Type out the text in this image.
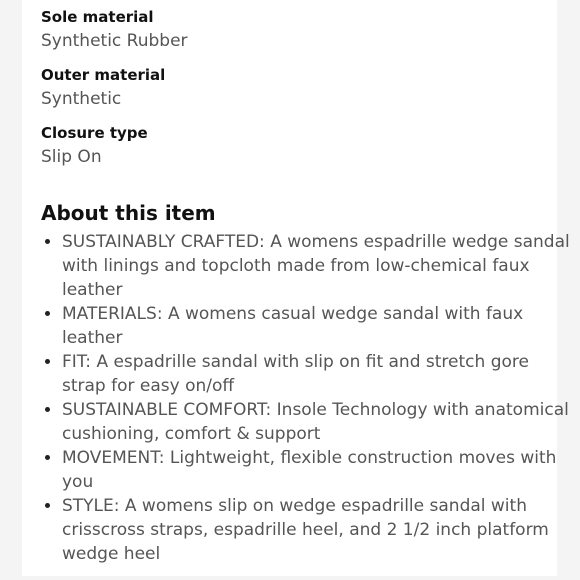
Sole material
Synthetic Rubber
Outer material
Synthetic
Closure type
Slip On
About this item
• SUSTAINABLY CRAFTED: A womens espadrille wedge sandal with linings and topcloth made from low-chemical faux leather
• MATERIALS: A womens casual wedge sandal with faux leather
• FIT: A espadrille sandal with slip on fit and stretch gore strap for easy on/off
• SUSTAINABLE COMFORT: Insole Technology with anatomical cushioning, comfort & support
• MOVEMENT: Lightweight, flexible construction moves with you
• STYLE: A womens slip on wedge espadrille sandal with crisscross straps, espadrille heel, and 2 1/2 inch platform wedge heel
